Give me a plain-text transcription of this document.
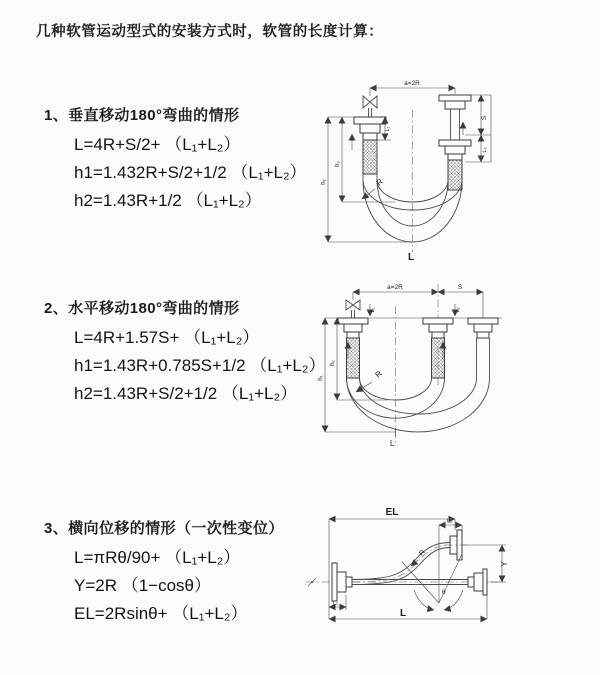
几种软管运动型式的安装方式时，软管的长度计算：
1、垂直移动180°弯曲的情形
L=4R+S/2+ （L₁+L₂）
h1=1.432R+S/2+1/2 （L₁+L₂）
h2=1.43R+1/2 （L₁+L₂）
2、水平移动180°弯曲的情形
L=4R+1.57S+ （L₁+L₂）
h1=1.43R+0.785S+1/2 （L₁+L₂）
h2=1.43R+S/2+1/2 （L₁+L₂）
3、横向位移的情形（一次性变位）
L=πRθ/90+ （L₁+L₂）
Y=2R （1−cosθ）
EL=2Rsinθ+ （L₁+L₂）
a=2R
S
L₂
h₁
h₂
L₁
R
L
a=2R	S
L₁	L₂
h₁
h₂
R
L
EL
L₂
Y
R
θ
L₁
L
